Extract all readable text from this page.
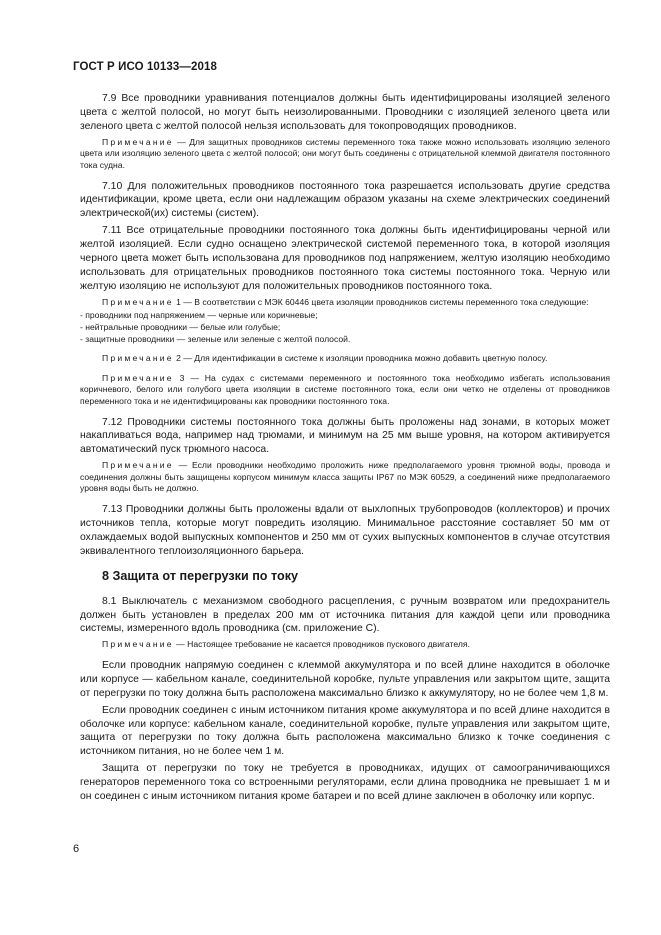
ГОСТ Р ИСО 10133—2018

7.9 Все проводники уравнивания потенциалов должны быть идентифицированы изоляцией зеленого цвета с желтой полосой, но могут быть неизолированными. Проводники с изоляцией зеленого цвета или зеленого цвета с желтой полосой нельзя использовать для токопроводящих проводников.

Примечание — Для защитных проводников системы переменного тока также можно использовать изоляцию зеленого цвета или изоляцию зеленого цвета с желтой полосой; они могут быть соединены с отрицательной клеммой двигателя постоянного тока судна.

7.10 Для положительных проводников постоянного тока разрешается использовать другие средства идентификации, кроме цвета, если они надлежащим образом указаны на схеме электрических соединений электрической(их) системы (систем).

7.11 Все отрицательные проводники постоянного тока должны быть идентифицированы черной или желтой изоляцией. Если судно оснащено электрической системой переменного тока, в которой изоляция черного цвета может быть использована для проводников под напряжением, желтую изоляцию необходимо использовать для отрицательных проводников постоянного тока системы постоянного тока. Черную или желтую изоляцию не используют для положительных проводников постоянного тока.

Примечание 1 — В соответствии с МЭК 60446 цвета изоляции проводников системы переменного тока следующие:

- проводники под напряжением — черные или коричневые;
- нейтральные проводники — белые или голубые;
- защитные проводники — зеленые или зеленые с желтой полосой.

Примечание 2 — Для идентификации в системе к изоляции проводника можно добавить цветную полосу.

Примечание 3 — На судах с системами переменного и постоянного тока необходимо избегать использования коричневого, белого или голубого цвета изоляции в системе постоянного тока, если они четко не отделены от проводников переменного тока и не идентифицированы как проводники постоянного тока.

7.12 Проводники системы постоянного тока должны быть проложены над зонами, в которых может накапливаться вода, например над трюмами, и минимум на 25 мм выше уровня, на котором активируется автоматический пуск трюмного насоса.

Примечание — Если проводники необходимо проложить ниже предполагаемого уровня трюмной воды, провода и соединения должны быть защищены корпусом минимум класса защиты IP67 по МЭК 60529, а соединений ниже предполагаемого уровня воды быть не должно.

7.13 Проводники должны быть проложены вдали от выхлопных трубопроводов (коллекторов) и прочих источников тепла, которые могут повредить изоляцию. Минимальное расстояние составляет 50 мм от охлаждаемых водой выпускных компонентов и 250 мм от сухих выпускных компонентов в случае отсутствия эквивалентного теплоизоляционного барьера.

8 Защита от перегрузки по току

8.1 Выключатель с механизмом свободного расцепления, с ручным возвратом или предохранитель должен быть установлен в пределах 200 мм от источника питания для каждой цепи или проводника системы, измеренного вдоль проводника (см. приложение С).

Примечание — Настоящее требование не касается проводников пускового двигателя.

Если проводник напрямую соединен с клеммой аккумулятора и по всей длине находится в оболочке или корпусе — кабельном канале, соединительной коробке, пульте управления или закрытом щите, защита от перегрузки по току должна быть расположена максимально близко к аккумулятору, но не более чем 1,8 м.

Если проводник соединен с иным источником питания кроме аккумулятора и по всей длине находится в оболочке или корпусе: кабельном канале, соединительной коробке, пульте управления или закрытом щите, защита от перегрузки по току должна быть расположена максимально близко к точке соединения с источником питания, но не более чем 1 м.

Защита от перегрузки по току не требуется в проводниках, идущих от самоограничивающихся генераторов переменного тока со встроенными регуляторами, если длина проводника не превышает 1 м и он соединен с иным источником питания кроме батареи и по всей длине заключен в оболочку или корпус.

6
